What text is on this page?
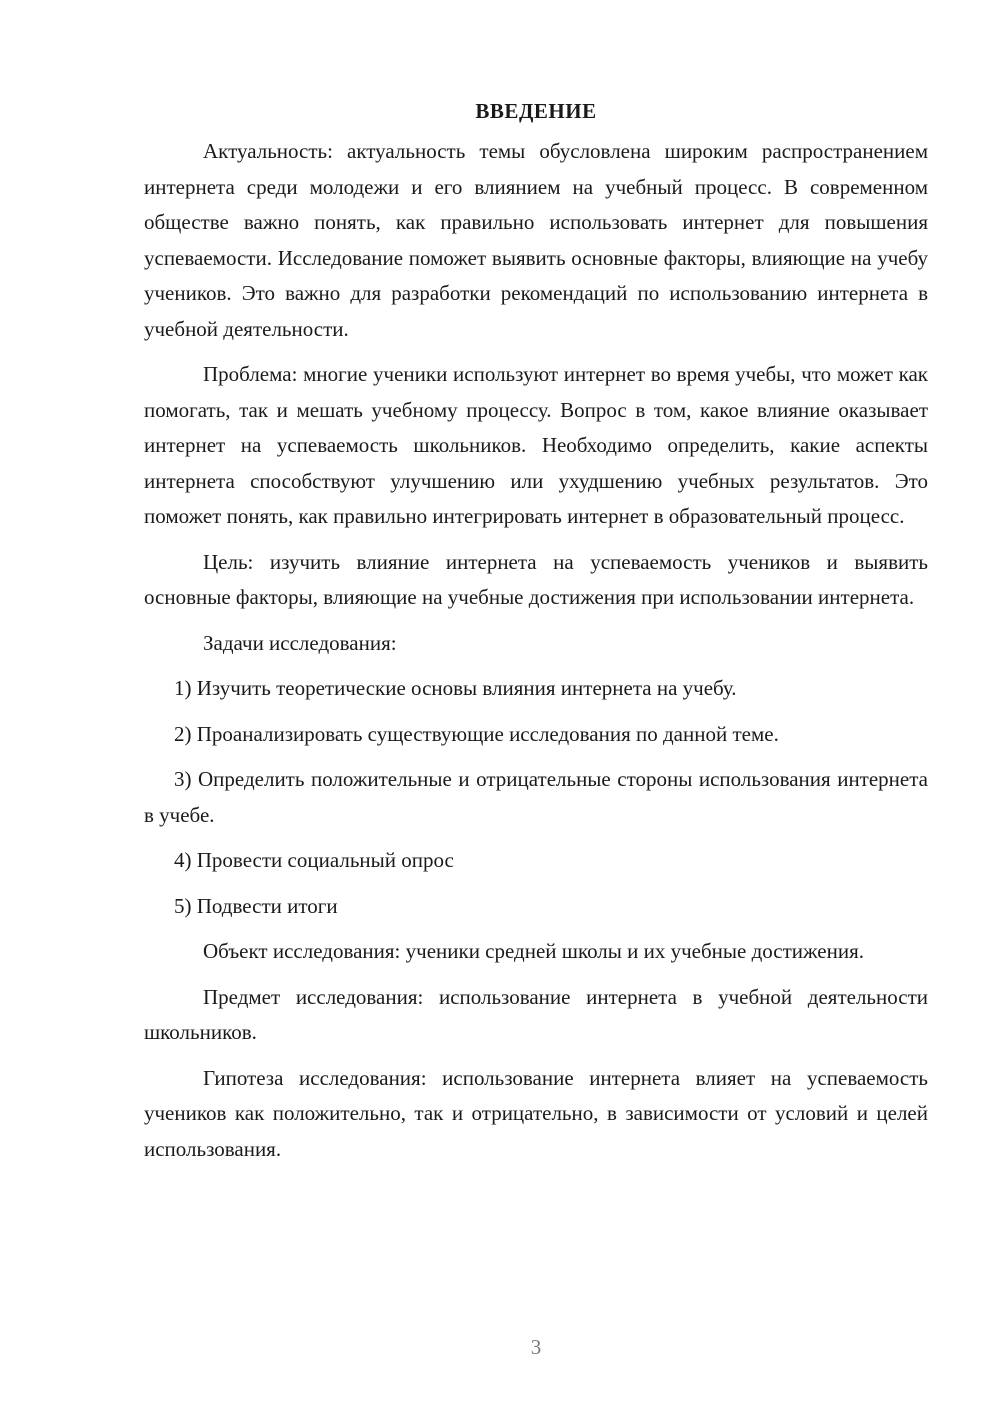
ВВЕДЕНИЕ

Актуальность: актуальность темы обусловлена широким распространением интернета среди молодежи и его влиянием на учебный процесс. В современном обществе важно понять, как правильно использовать интернет для повышения успеваемости. Исследование поможет выявить основные факторы, влияющие на учебу учеников. Это важно для разработки рекомендаций по использованию интернета в учебной деятельности.

Проблема: многие ученики используют интернет во время учебы, что может как помогать, так и мешать учебному процессу. Вопрос в том, какое влияние оказывает интернет на успеваемость школьников. Необходимо определить, какие аспекты интернета способствуют улучшению или ухудшению учебных результатов. Это поможет понять, как правильно интегрировать интернет в образовательный процесс.

Цель: изучить влияние интернета на успеваемость учеников и выявить основные факторы, влияющие на учебные достижения при использовании интернета.

Задачи исследования:

1) Изучить теоретические основы влияния интернета на учебу.

2) Проанализировать существующие исследования по данной теме.

3) Определить положительные и отрицательные стороны использования интернета в учебе.

4) Провести социальный опрос

5) Подвести итоги

Объект исследования: ученики средней школы и их учебные достижения.

Предмет исследования: использование интернета в учебной деятельности школьников.

Гипотеза исследования: использование интернета влияет на успеваемость учеников как положительно, так и отрицательно, в зависимости от условий и целей использования.

3
